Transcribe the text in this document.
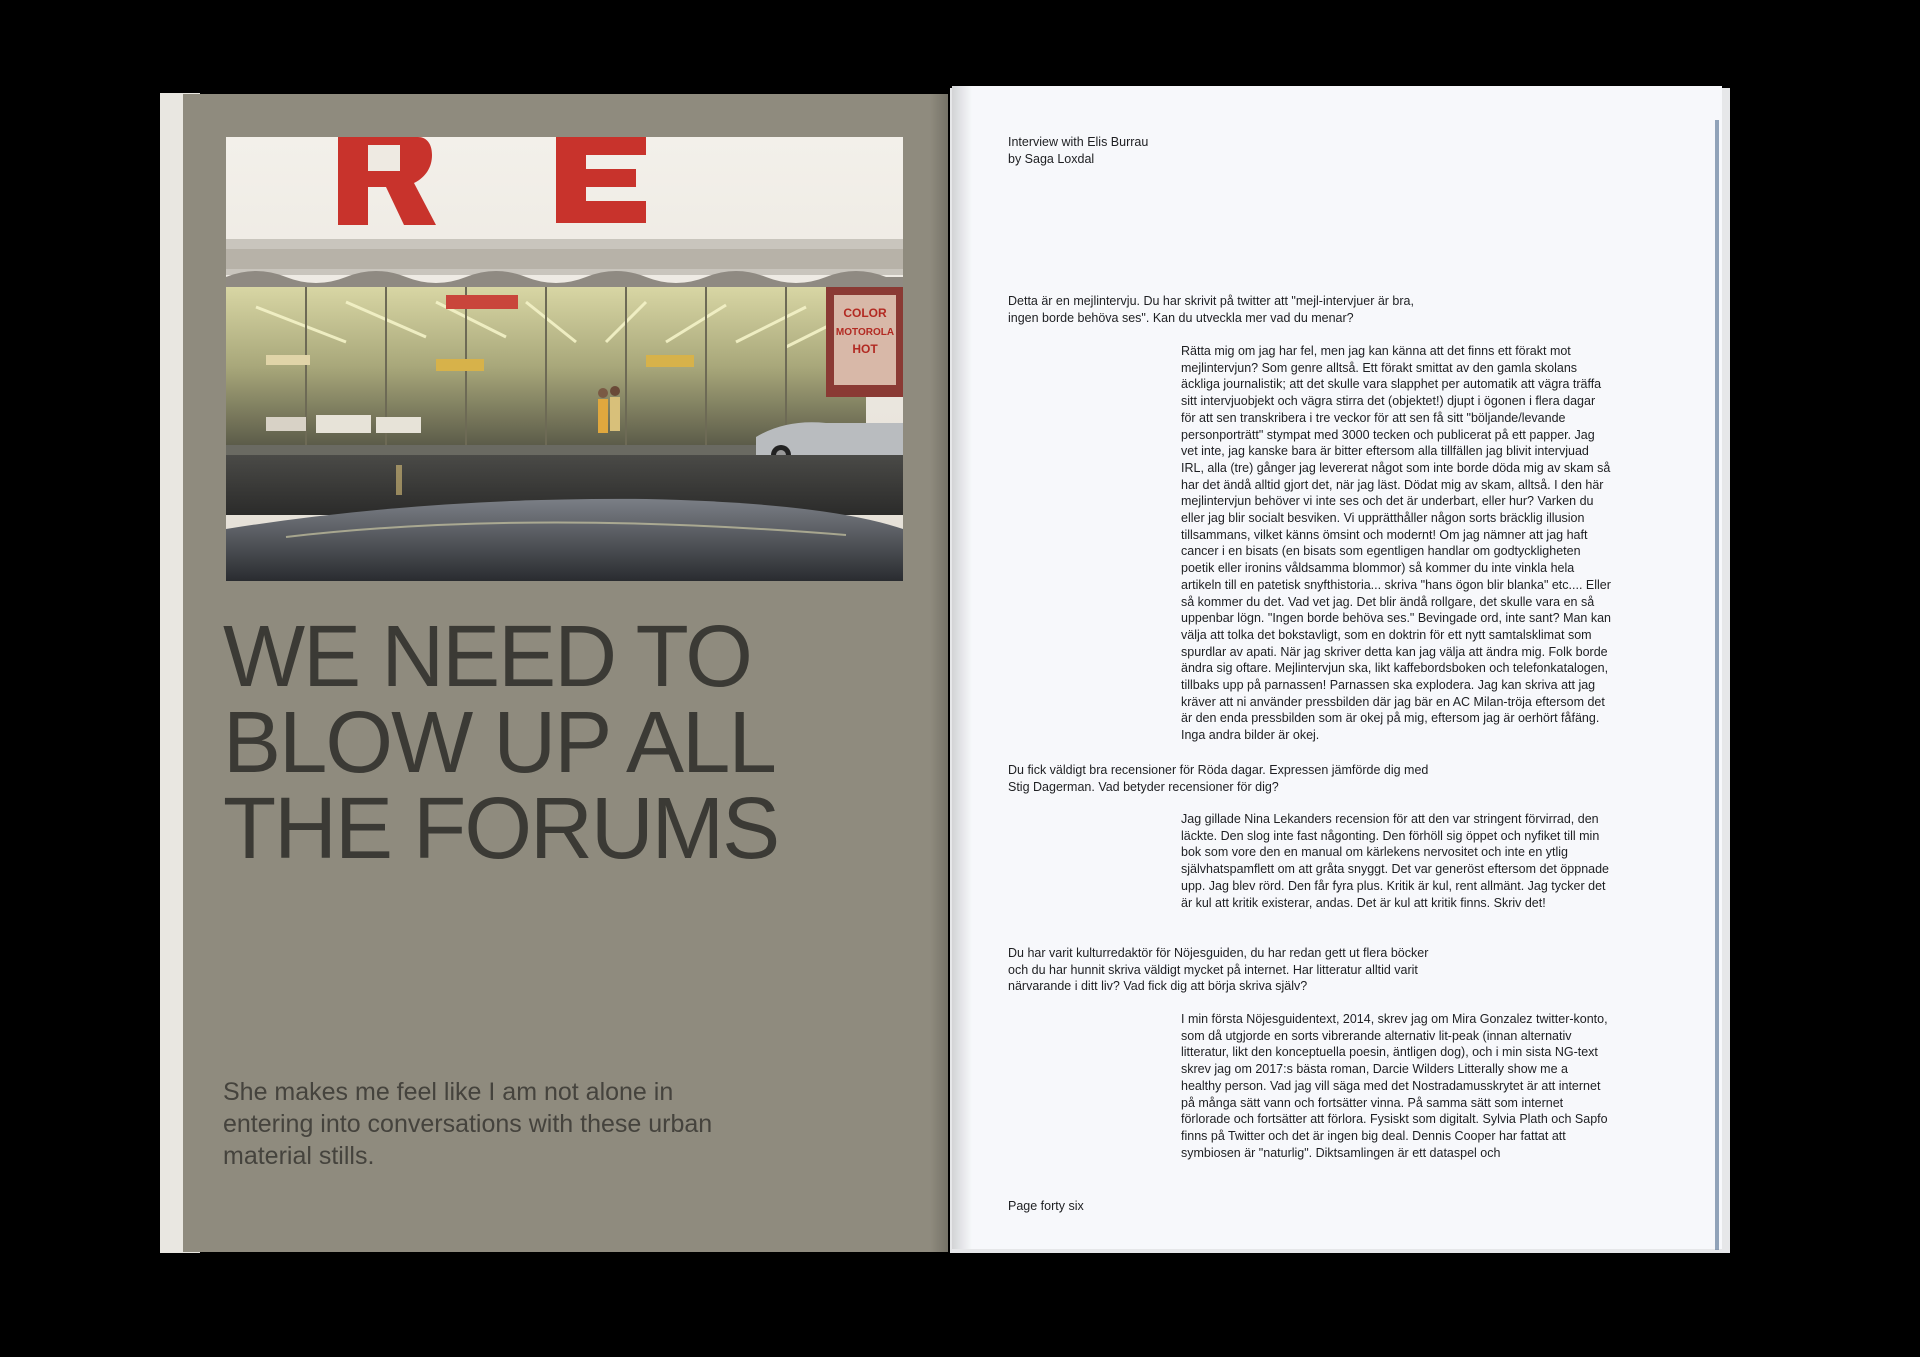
COLOR
MOTOROLA
HOT
WE NEED TO
BLOW UP ALL
THE FORUMS

She makes me feel like I am not alone in entering into conversations with these urban material stills.

Interview with Elis Burrau
by Saga Loxdal
Detta är en mejlintervju. Du har skrivit på twitter att "mejl-intervjuer är bra, ingen borde behöva ses". Kan du utveckla mer vad du menar?
Rätta mig om jag har fel, men jag kan känna att det finns ett förakt mot mejlintervjun? Som genre alltså. Ett förakt smittat av den gamla skolans äckliga journalistik; att det skulle vara slapphet per automatik att vägra träffa sitt intervjuobjekt och vägra stirra det (objektet!) djupt i ögonen i flera dagar för att sen transkribera i tre veckor för att sen få sitt "böljande/levande personporträtt" stympat med 3000 tecken och publicerat på ett papper. Jag vet inte, jag kanske bara är bitter eftersom alla tillfällen jag blivit intervjuad IRL, alla (tre) gånger jag levererat något som inte borde döda mig av skam så har det ändå alltid gjort det, när jag läst. Dödat mig av skam, alltså. I den här mejlintervjun behöver vi inte ses och det är underbart, eller hur? Varken du eller jag blir socialt besviken. Vi upprätthåller någon sorts bräcklig illusion tillsammans, vilket känns ömsint och modernt! Om jag nämner att jag haft cancer i en bisats (en bisats som egentligen handlar om godtyckligheten poetik eller ironins våldsamma blommor) så kommer du inte vinkla hela artikeln till en patetisk snyfthistoria... skriva "hans ögon blir blanka" etc.... Eller så kommer du det. Vad vet jag. Det blir ändå rollgare, det skulle vara en så uppenbar lögn. "Ingen borde behöva ses." Bevingade ord, inte sant? Man kan välja att tolka det bokstavligt, som en doktrin för ett nytt samtalsklimat som spurdlar av apati. När jag skriver detta kan jag välja att ändra mig. Folk borde ändra sig oftare. Mejlintervjun ska, likt kaffebordsboken och telefonkatalogen, tillbaks upp på parnassen! Parnassen ska explodera. Jag kan skriva att jag kräver att ni använder pressbilden där jag bär en AC Milan-tröja eftersom det är den enda pressbilden som är okej på mig, eftersom jag är oerhört fåfäng. Inga andra bilder är okej.
Du fick väldigt bra recensioner för Röda dagar. Expressen jämförde dig med Stig Dagerman. Vad betyder recensioner för dig?
Jag gillade Nina Lekanders recension för att den var stringent förvirrad, den läckte. Den slog inte fast någonting. Den förhöll sig öppet och nyfiket till min bok som vore den en manual om kärlekens nervositet och inte en ytlig självhatspamflett om att gråta snyggt. Det var generöst eftersom det öppnade upp. Jag blev rörd. Den får fyra plus. Kritik är kul, rent allmänt. Jag tycker det är kul att kritik existerar, andas. Det är kul att kritik finns. Skriv det!
Du har varit kulturredaktör för Nöjesguiden, du har redan gett ut flera böcker och du har hunnit skriva väldigt mycket på internet. Har litteratur alltid varit närvarande i ditt liv? Vad fick dig att börja skriva själv?
I min första Nöjesguidentext, 2014, skrev jag om Mira Gonzalez twitter-konto, som då utgjorde en sorts vibrerande alternativ lit-peak (innan alternativ litteratur, likt den konceptuella poesin, äntligen dog), och i min sista NG-text skrev jag om 2017:s bästa roman, Darcie Wilders Litterally show me a healthy person. Vad jag vill säga med det Nostradamusskrytet är att internet på många sätt vann och fortsätter vinna. På samma sätt som internet förlorade och fortsätter att förlora. Fysiskt som digitalt. Sylvia Plath och Sapfo finns på Twitter och det är ingen big deal. Dennis Cooper har fattat att symbiosen är "naturlig". Diktsamlingen är ett dataspel och
Page forty six
